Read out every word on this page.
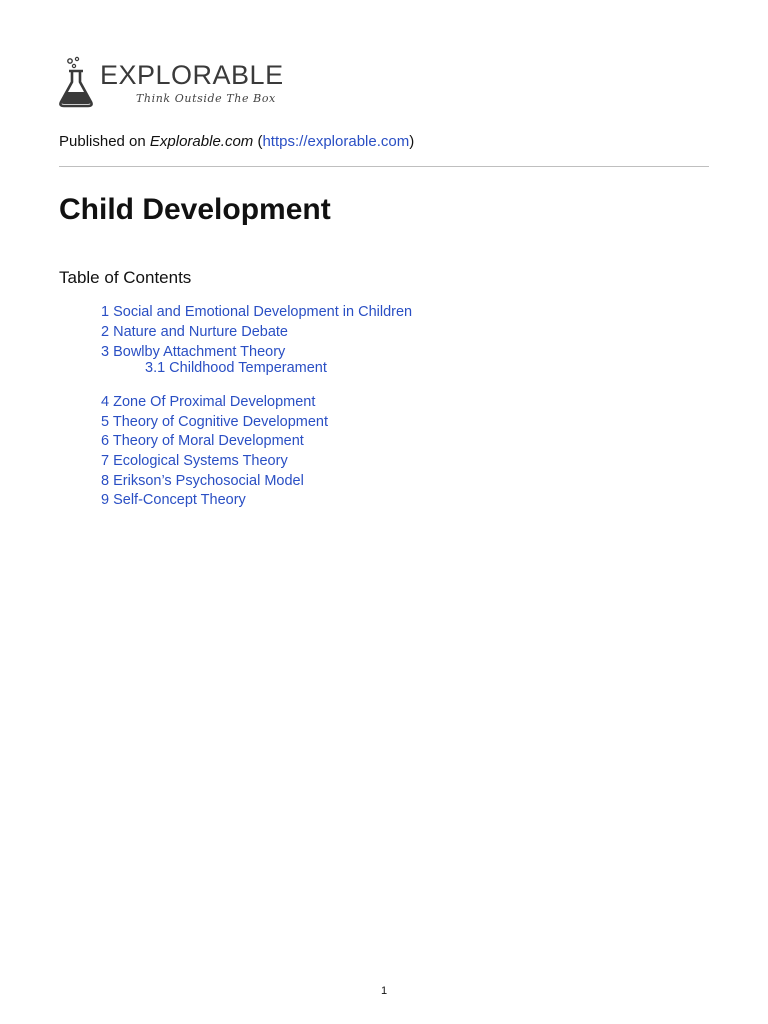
EXPLORABLE
Think Outside The Box
Published on Explorable.com (https://explorable.com)
Child Development
Table of Contents
1 Social and Emotional Development in Children
2 Nature and Nurture Debate
3 Bowlby Attachment Theory
3.1 Childhood Temperament
4 Zone Of Proximal Development
5 Theory of Cognitive Development
6 Theory of Moral Development
7 Ecological Systems Theory
8 Erikson’s Psychosocial Model
9 Self-Concept Theory
1
